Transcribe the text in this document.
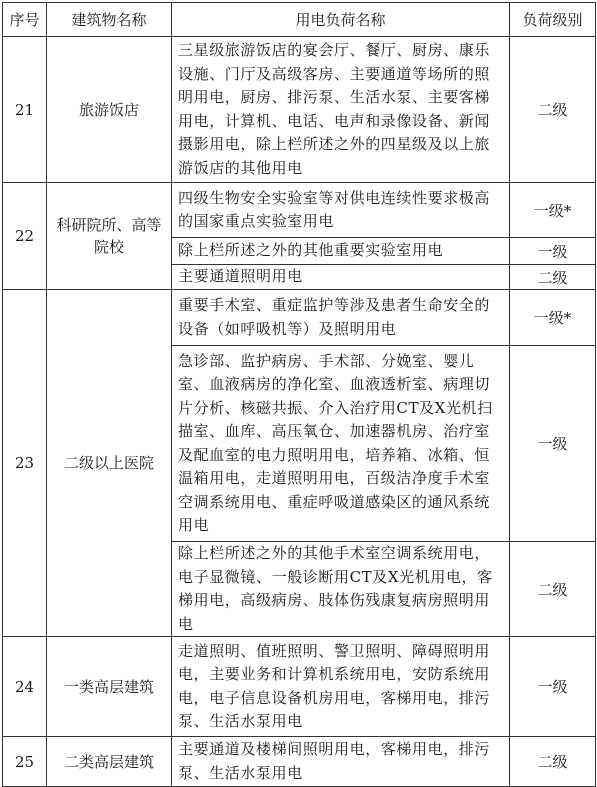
序号	建筑物名称	用电负荷名称	负荷级别
21	旅游饭店	三星级旅游饭店的宴会厅、餐厅、厨房、康乐设施、门厅及高级客房、主要通道等场所的照明用电，厨房、排污泵、生活水泵、主要客梯用电，计算机、电话、电声和录像设备、新闻摄影用电，除上栏所述之外的四星级及以上旅游饭店的其他用电	二级
22	科研院所、高等院校	四级生物安全实验室等对供电连续性要求极高的国家重点实验室用电	一级*
		除上栏所述之外的其他重要实验室用电	一级
		主要通道照明用电	二级
23	二级以上医院	重要手术室、重症监护等涉及患者生命安全的设备（如呼吸机等）及照明用电	一级*
		急诊部、监护病房、手术部、分娩室、婴儿室、血液病房的净化室、血液透析室、病理切片分析、核磁共振、介入治疗用CT及X光机扫描室、血库、高压氧仓、加速器机房、治疗室及配血室的电力照明用电，培养箱、冰箱、恒温箱用电，走道照明用电，百级洁净度手术室空调系统用电、重症呼吸道感染区的通风系统用电	一级
		除上栏所述之外的其他手术室空调系统用电，电子显微镜、一般诊断用CT及X光机用电，客梯用电，高级病房、肢体伤残康复病房照明用电	二级
24	一类高层建筑	走道照明、值班照明、警卫照明、障碍照明用电，主要业务和计算机系统用电，安防系统用电，电子信息设备机房用电，客梯用电，排污泵、生活水泵用电	一级
25	二类高层建筑	主要通道及楼梯间照明用电，客梯用电，排污泵、生活水泵用电	二级
